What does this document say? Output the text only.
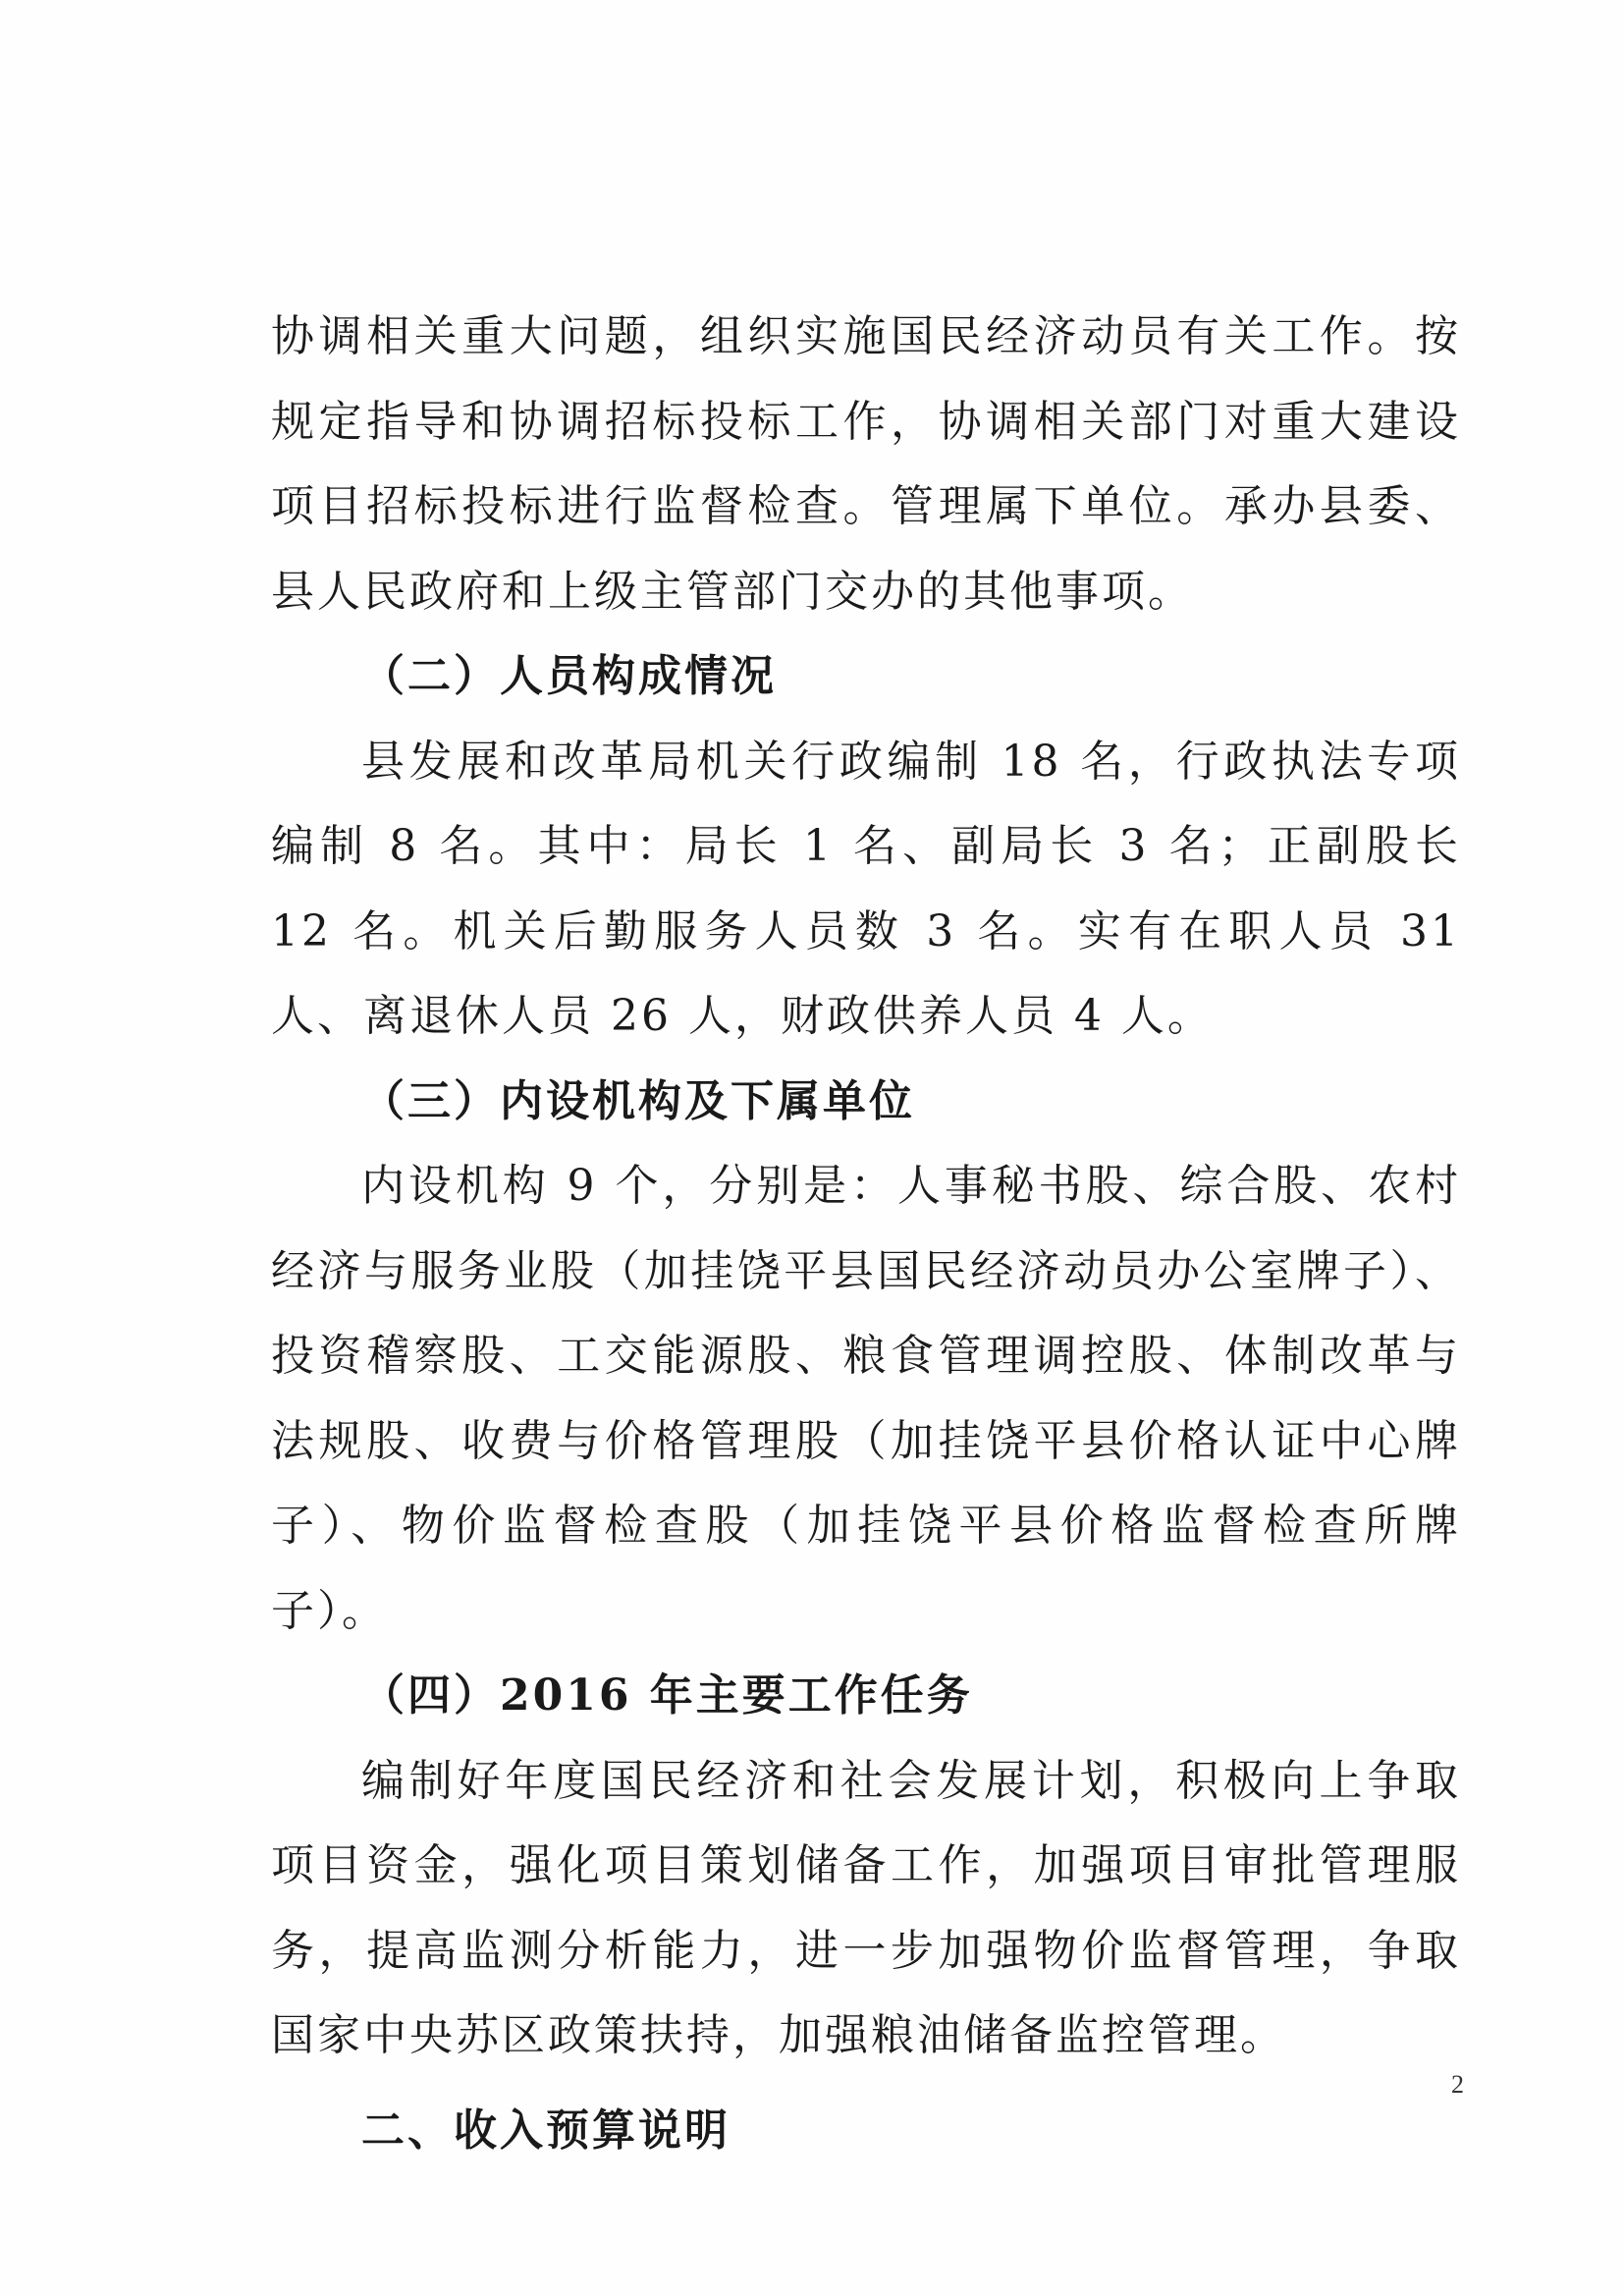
协调相关重大问题，组织实施国民经济动员有关工作。按规定指导和协调招标投标工作，协调相关部门对重大建设项目招标投标进行监督检查。管理属下单位。承办县委、县人民政府和上级主管部门交办的其他事项。

（二）人员构成情况

县发展和改革局机关行政编制 18 名，行政执法专项编制 8 名。其中：局长 1 名、副局长 3 名；正副股长 12 名。机关后勤服务人员数 3 名。实有在职人员 31 人、离退休人员 26 人，财政供养人员 4 人。

（三）内设机构及下属单位

内设机构 9 个，分别是：人事秘书股、综合股、农村经济与服务业股（加挂饶平县国民经济动员办公室牌子）、投资稽察股、工交能源股、粮食管理调控股、体制改革与法规股、收费与价格管理股（加挂饶平县价格认证中心牌子）、物价监督检查股（加挂饶平县价格监督检查所牌子）。

（四）2016 年主要工作任务

编制好年度国民经济和社会发展计划，积极向上争取项目资金，强化项目策划储备工作，加强项目审批管理服务，提高监测分析能力，进一步加强物价监督管理，争取国家中央苏区政策扶持，加强粮油储备监控管理。

二、收入预算说明

2
